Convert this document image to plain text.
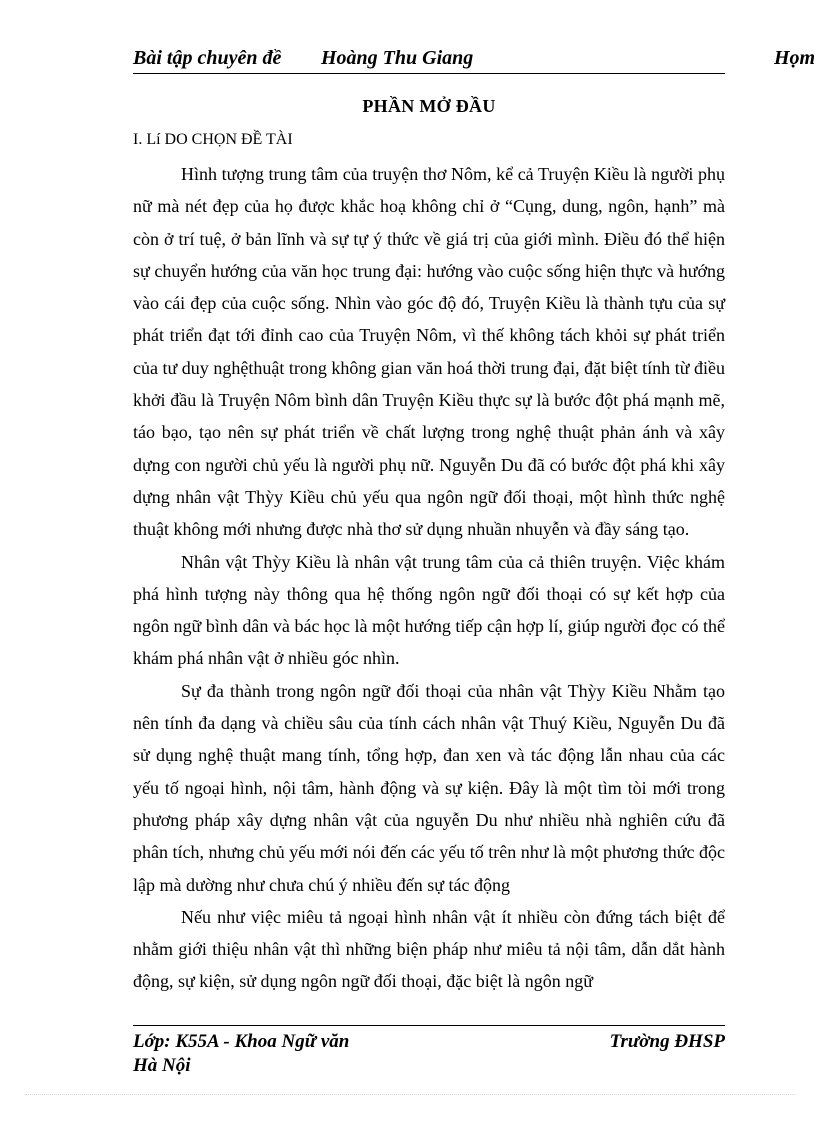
Bài tập chuyên đề Hoàng Thu Giang	Họm
PHẦN MỞ ĐẦU
I. Lí DO CHỌN ĐỀ TÀI

Hình tượng trung tâm của truyện thơ Nôm, kể cả Truyện Kiều là người phụ nữ mà nét đẹp của họ được khắc hoạ không chỉ ở “Cụng, dung, ngôn, hạnh” mà còn ở trí tuệ, ở bản lĩnh và sự tự ý thức về giá trị của giới mình. Điều đó thể hiện sự chuyển hướng của văn học trung đại: hướng vào cuộc sống hiện thực và hướng vào cái đẹp của cuộc sống. Nhìn vào góc độ đó, Truyện Kiều là thành tựu của sự phát triển đạt tới đỉnh cao của Truyện Nôm, vì thế không tách khỏi sự phát triển của tư duy nghệthuật trong không gian văn hoá thời trung đại, đặt biệt tính từ điều khởi đầu là Truyện Nôm bình dân Truyện Kiều thực sự là bước đột phá mạnh mẽ, táo bạo, tạo nên sự phát triển về chất lượng trong nghệ thuật phản ánh và xây dựng con người chủ yếu là người phụ nữ. Nguyễn Du đã có bước đột phá khi xây dựng nhân vật Thỳy Kiều chủ yếu qua ngôn ngữ đối thoại, một hình thức nghệ thuật không mới nhưng được nhà thơ sử dụng nhuần nhuyễn và đầy sáng tạo.

Nhân vật Thỳy Kiều là nhân vật trung tâm của cả thiên truyện. Việc khám phá hình tượng này thông qua hệ thống ngôn ngữ đối thoại có sự kết hợp của ngôn ngữ bình dân và bác học là một hướng tiếp cận hợp lí, giúp người đọc có thể khám phá nhân vật ở nhiều góc nhìn.

Sự đa thành trong ngôn ngữ đối thoại của nhân vật Thỳy Kiều Nhằm tạo nên tính đa dạng và chiều sâu của tính cách nhân vật Thuý Kiều, Nguyễn Du đã sử dụng nghệ thuật mang tính, tổng hợp, đan xen và tác động lẫn nhau của các yếu tố ngoại hình, nội tâm, hành động và sự kiện. Đây là một tìm tòi mới trong phương pháp xây dựng nhân vật của nguyễn Du như nhiều nhà nghiên cứu đã phân tích, nhưng chủ yếu mới nói đến các yếu tố trên như là một phương thức độc lập mà dường như chưa chú ý nhiều đến sự tác động

Nếu như việc miêu tả ngoại hình nhân vật ít nhiều còn đứng tách biệt để nhằm giới thiệu nhân vật thì những biện pháp như miêu tả nội tâm, dẫn dắt hành động, sự kiện, sử dụng ngôn ngữ đối thoại, đặc biệt là ngôn ngữ

Lớp: K55A - Khoa Ngữ văn	Trường ĐHSP
Hà Nội
